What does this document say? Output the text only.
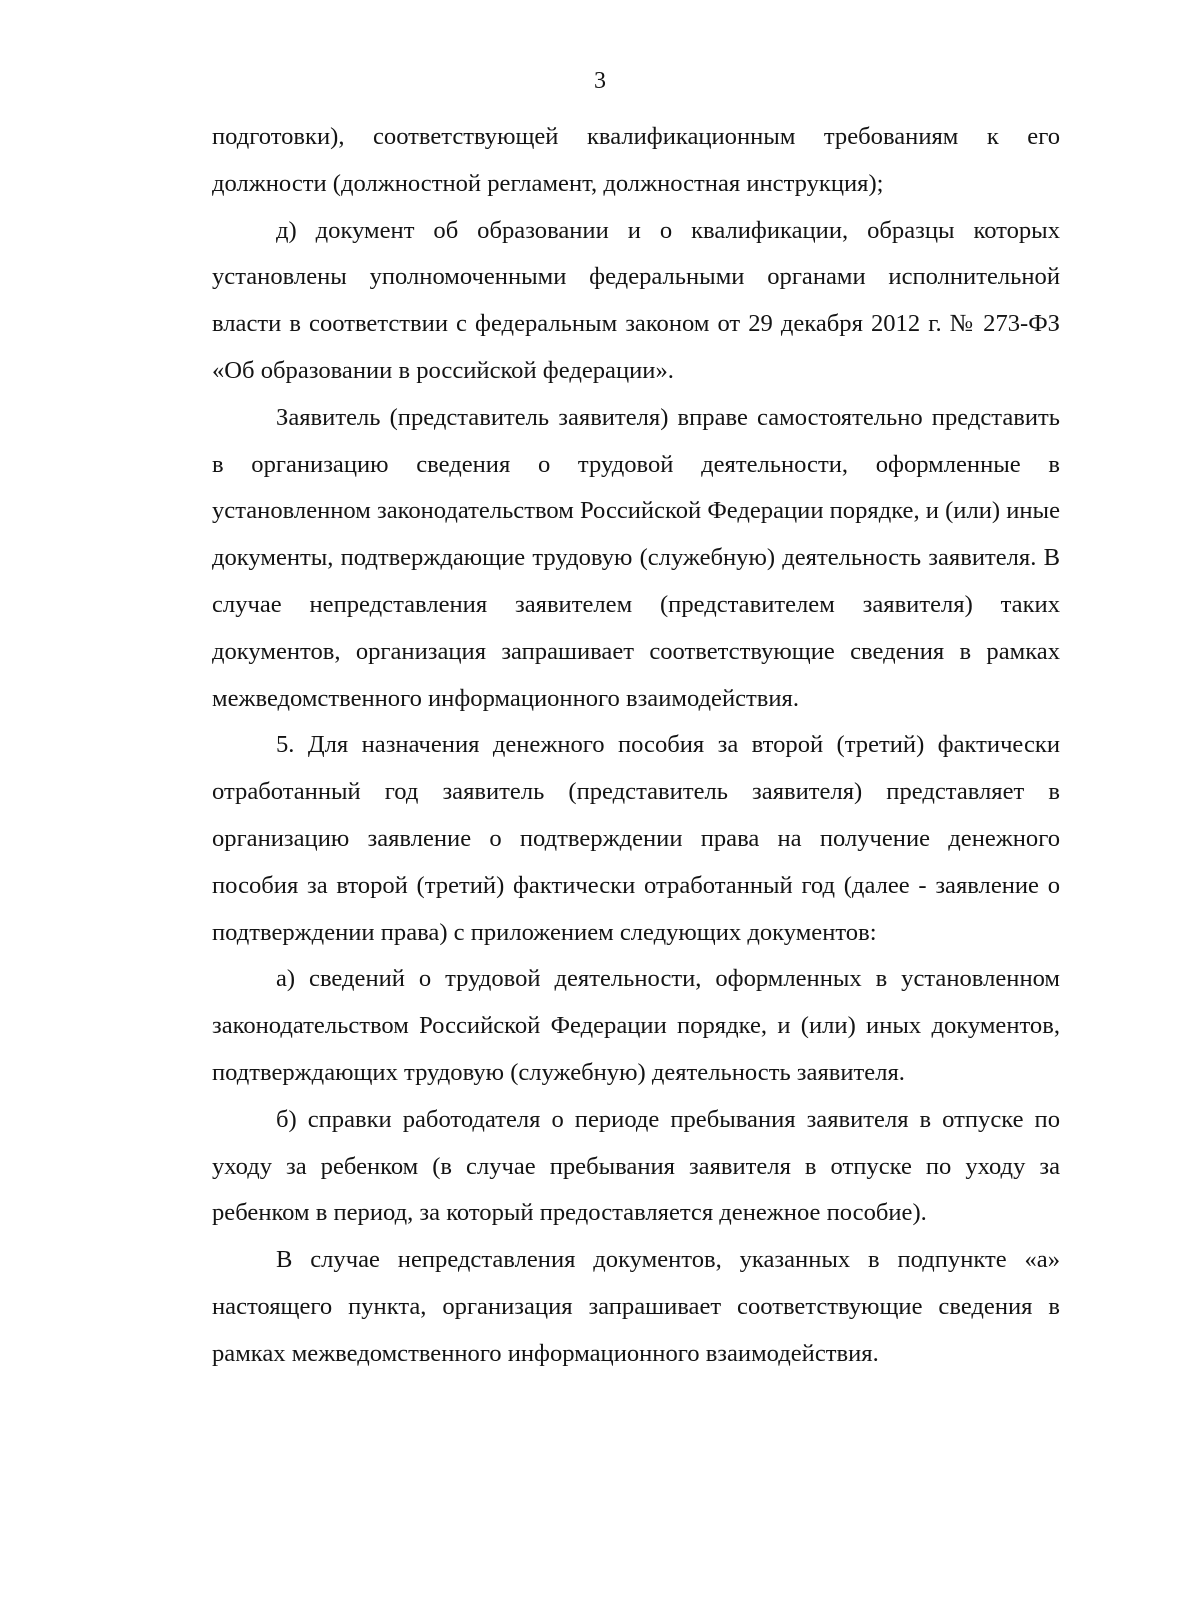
3

подготовки), соответствующей квалификационным требованиям к его должности (должностной регламент, должностная инструкция);

д) документ об образовании и о квалификации, образцы которых установлены уполномоченными федеральными органами исполнительной власти в соответствии с федеральным законом от 29 декабря 2012 г. № 273-ФЗ «Об образовании в российской федерации».

Заявитель (представитель заявителя) вправе самостоятельно представить в организацию сведения о трудовой деятельности, оформленные в установленном законодательством Российской Федерации порядке, и (или) иные документы, подтверждающие трудовую (служебную) деятельность заявителя. В случае непредставления заявителем (представителем заявителя) таких документов, организация запрашивает соответствующие сведения в рамках межведомственного информационного взаимодействия.

5. Для назначения денежного пособия за второй (третий) фактически отработанный год заявитель (представитель заявителя) представляет в организацию заявление о подтверждении права на получение денежного пособия за второй (третий) фактически отработанный год (далее - заявление о подтверждении права) с приложением следующих документов:

а) сведений о трудовой деятельности, оформленных в установленном законодательством Российской Федерации порядке, и (или) иных документов, подтверждающих трудовую (служебную) деятельность заявителя.

б) справки работодателя о периоде пребывания заявителя в отпуске по уходу за ребенком (в случае пребывания заявителя в отпуске по уходу за ребенком в период, за который предоставляется денежное пособие).

В случае непредставления документов, указанных в подпункте «а» настоящего пункта, организация запрашивает соответствующие сведения в рамках межведомственного информационного взаимодействия.
